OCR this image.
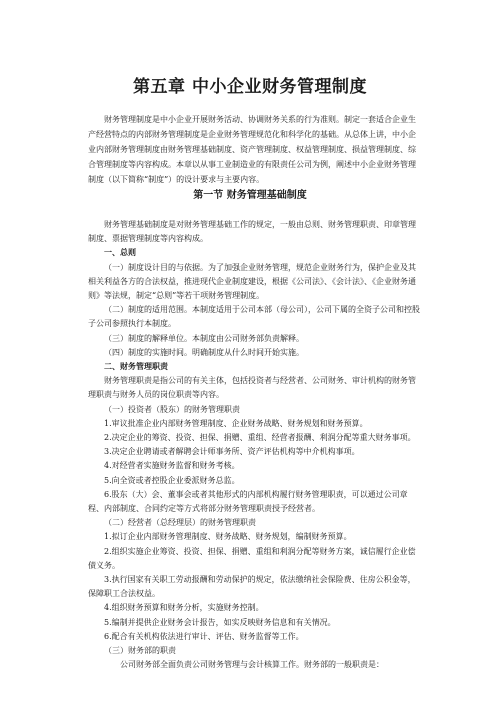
第五章 中小企业财务管理制度

财务管理制度是中小企业开展财务活动、协调财务关系的行为准则。制定一套适合企业生产经营特点的内部财务管理制度是企业财务管理规范化和科学化的基础。从总体上讲，中小企业内部财务管理制度由财务管理基础制度、资产管理制度、权益管理制度、损益管理制度、综合管理制度等内容构成。本章以从事工业制造业的有限责任公司为例，阐述中小企业财务管理制度（以下简称“制度”）的设计要求与主要内容。

第一节 财务管理基础制度

财务管理基础制度是对财务管理基础工作的规定，一般由总则、财务管理职责、印章管理制度、票据管理制度等内容构成。

一、总则

（一）制度设计目的与依据。为了加强企业财务管理，规范企业财务行为，保护企业及其相关利益各方的合法权益，推进现代企业制度建设，根据《公司法》、《会计法》、《企业财务通则》等法规，制定“总则”等若干项财务管理制度。

（二）制度的适用范围。本制度适用于公司本部（母公司），公司下属的全资子公司和控股子公司参照执行本制度。

（三）制度的解释单位。本制度由公司财务部负责解释。

（四）制度的实施时间。明确制度从什么时间开始实施。

二、财务管理职责

财务管理职责是指公司的有关主体，包括投资者与经营者、公司财务、审计机构的财务管理职责与财务人员的岗位职责等内容。

（一）投资者（股东）的财务管理职责

1.审议批准企业内部财务管理制度、企业财务战略、财务规划和财务预算。

2.决定企业的筹资、投资、担保、捐赠、重组、经营者报酬、利润分配等重大财务事项。

3.决定企业聘请或者解聘会计师事务所、资产评估机构等中介机构事项。

4.对经营者实施财务监督和财务考核。

5.向全资或者控股企业委派财务总监。

6.股东（大）会、董事会或者其他形式的内部机构履行财务管理职责，可以通过公司章程、内部制度、合同约定等方式将部分财务管理职责授予经营者。

（二）经营者（总经理层）的财务管理职责

1.拟订企业内部财务管理制度、财务战略、财务规划，编制财务预算。

2.组织实施企业筹资、投资、担保、捐赠、重组和利润分配等财务方案，诚信履行企业偿债义务。

3.执行国家有关职工劳动报酬和劳动保护的规定，依法缴纳社会保险费、住房公积金等，保障职工合法权益。

4.组织财务预算和财务分析，实施财务控制。

5.编制并提供企业财务会计报告，如实反映财务信息和有关情况。

6.配合有关机构依法进行审计、评估、财务监督等工作。

（三）财务部的职责

公司财务部全面负责公司财务管理与会计核算工作。财务部的一般职责是：
